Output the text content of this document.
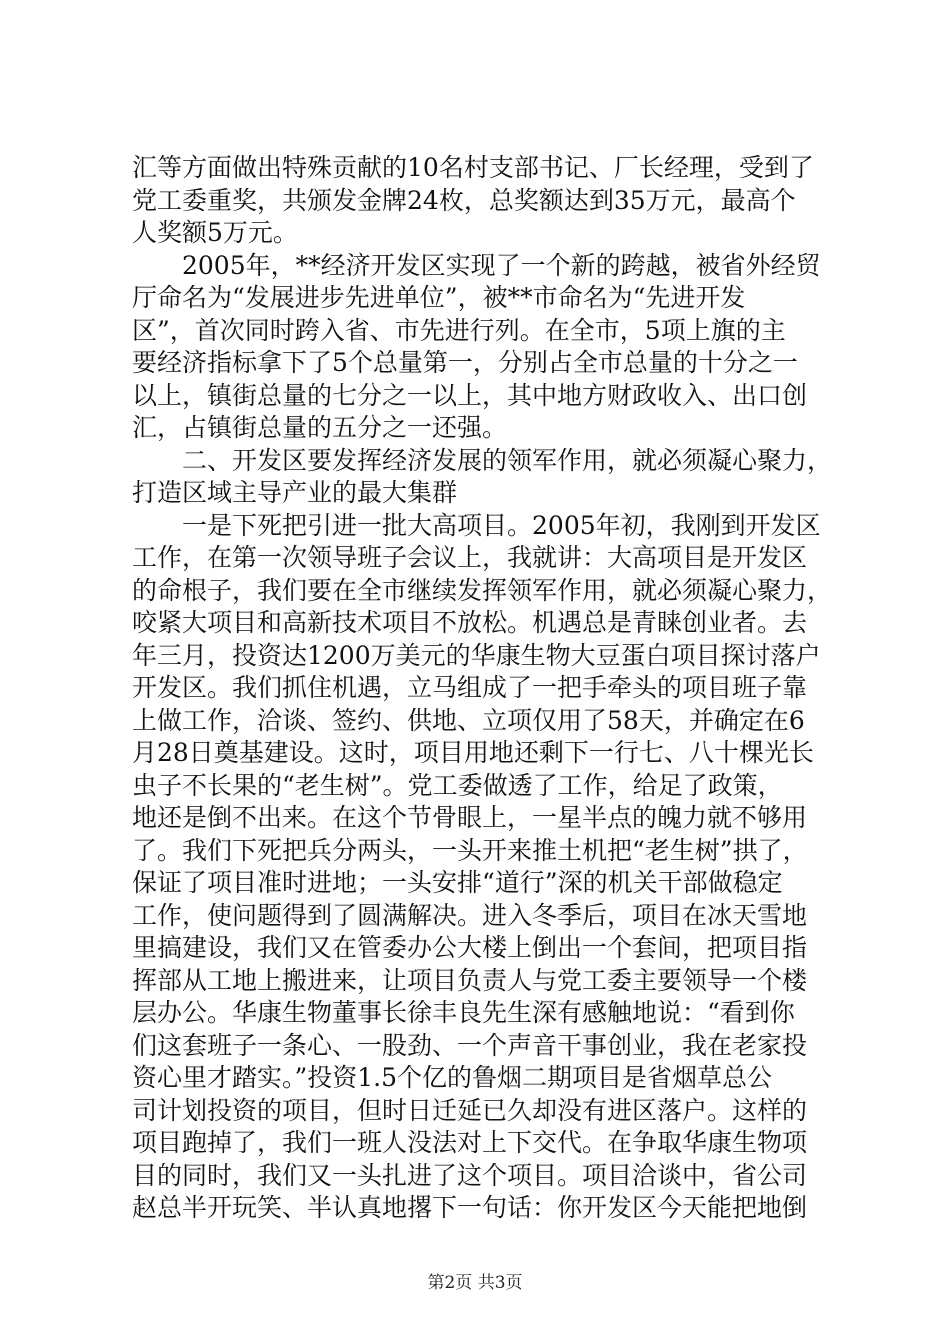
汇等方面做出特殊贡献的10名村支部书记、厂长经理，受到了
党工委重奖，共颁发金牌24枚，总奖额达到35万元，最高个
人奖额5万元。
　　2005年，**经济开发区实现了一个新的跨越，被省外经贸
厅命名为“发展进步先进单位”，被**市命名为“先进开发
区”，首次同时跨入省、市先进行列。在全市，5项上旗的主
要经济指标拿下了5个总量第一，分别占全市总量的十分之一
以上，镇街总量的七分之一以上，其中地方财政收入、出口创
汇，占镇街总量的五分之一还强。
　　二、开发区要发挥经济发展的领军作用，就必须凝心聚力，
打造区域主导产业的最大集群
　　一是下死把引进一批大高项目。2005年初，我刚到开发区
工作，在第一次领导班子会议上，我就讲：大高项目是开发区
的命根子，我们要在全市继续发挥领军作用，就必须凝心聚力，
咬紧大项目和高新技术项目不放松。机遇总是青睐创业者。去
年三月，投资达1200万美元的华康生物大豆蛋白项目探讨落户
开发区。我们抓住机遇，立马组成了一把手牵头的项目班子靠
上做工作，洽谈、签约、供地、立项仅用了58天，并确定在6
月28日奠基建设。这时，项目用地还剩下一行七、八十棵光长
虫子不长果的“老生树”。党工委做透了工作，给足了政策，
地还是倒不出来。在这个节骨眼上，一星半点的魄力就不够用
了。我们下死把兵分两头，一头开来推土机把“老生树”拱了，
保证了项目准时进地；一头安排“道行”深的机关干部做稳定
工作，使问题得到了圆满解决。进入冬季后，项目在冰天雪地
里搞建设，我们又在管委办公大楼上倒出一个套间，把项目指
挥部从工地上搬进来，让项目负责人与党工委主要领导一个楼
层办公。华康生物董事长徐丰良先生深有感触地说：“看到你
们这套班子一条心、一股劲、一个声音干事创业，我在老家投
资心里才踏实。”投资1.5个亿的鲁烟二期项目是省烟草总公
司计划投资的项目，但时日迁延已久却没有进区落户。这样的
项目跑掉了，我们一班人没法对上下交代。在争取华康生物项
目的同时，我们又一头扎进了这个项目。项目洽谈中，省公司
赵总半开玩笑、半认真地撂下一句话：你开发区今天能把地倒
第2页 共3页
